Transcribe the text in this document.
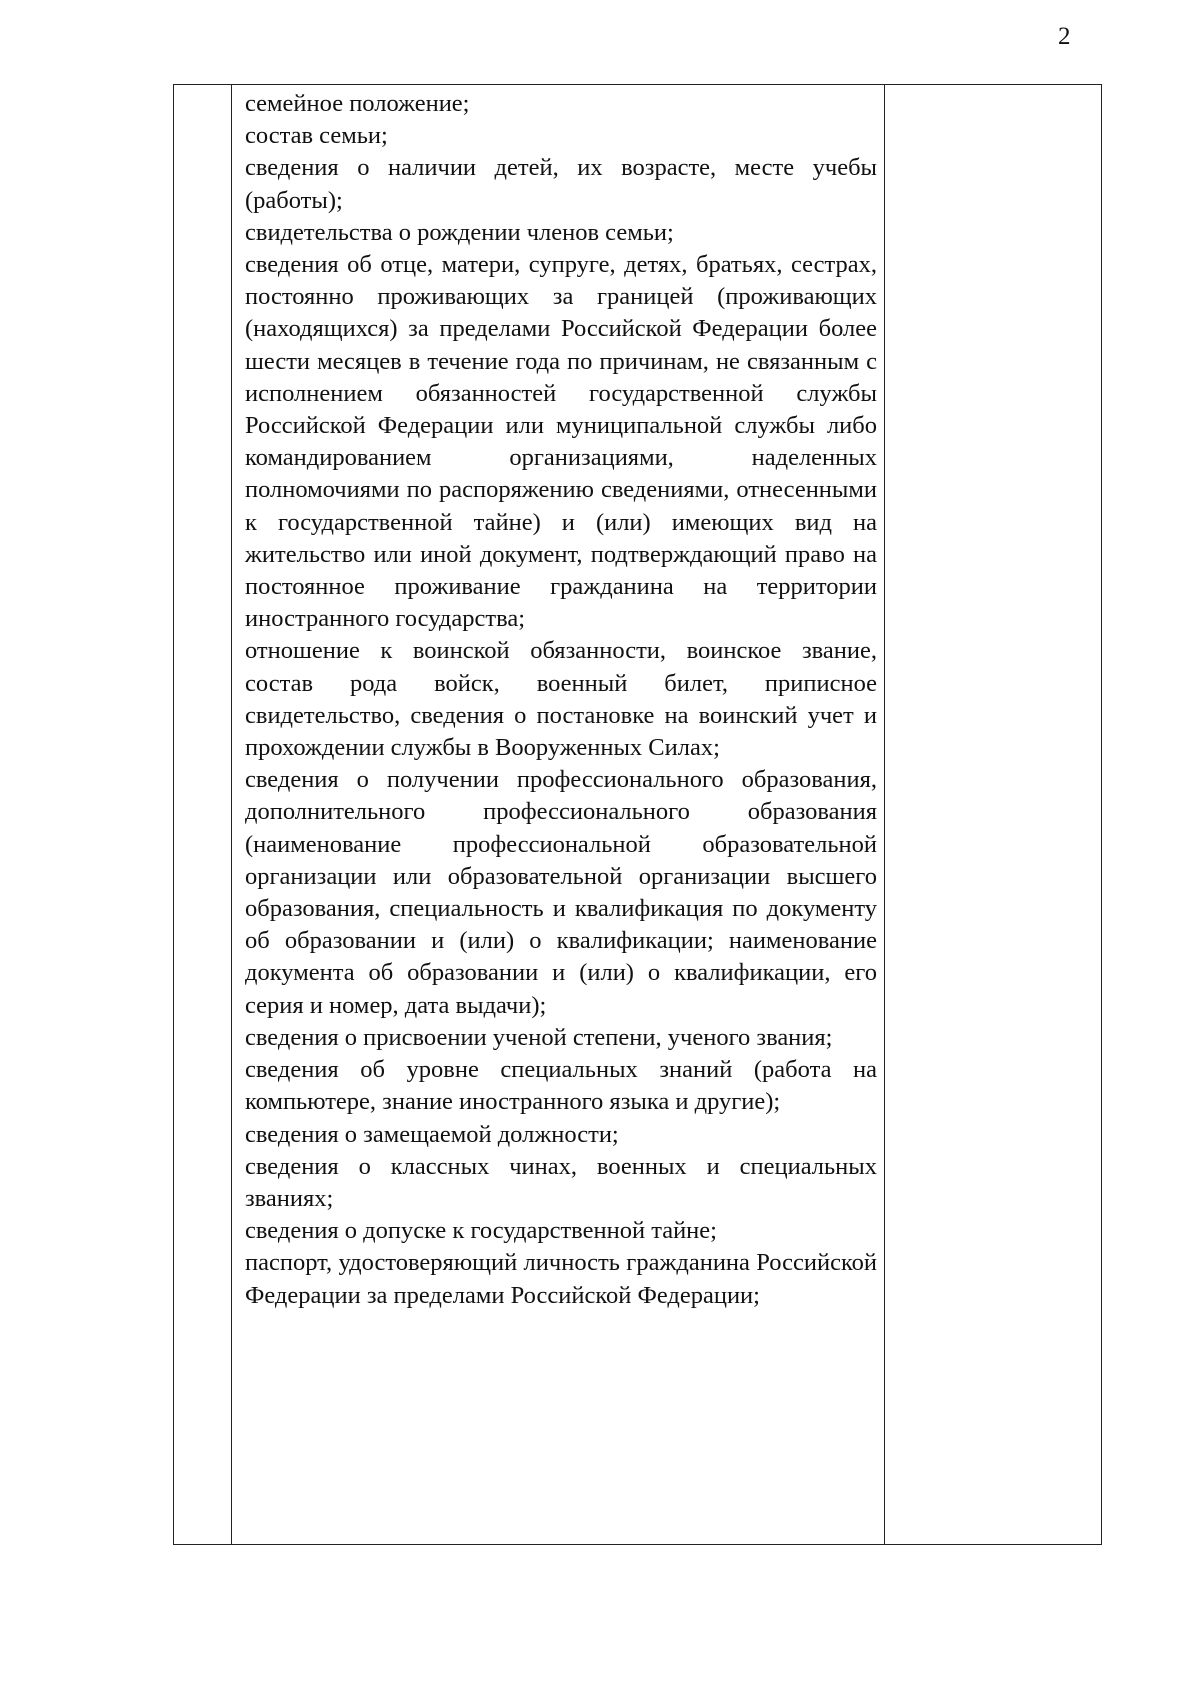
2
семейное положение;
состав семьи;
сведения о наличии детей, их возрасте, месте учебы (работы);
свидетельства о рождении членов семьи;
сведения об отце, матери, супруге, детях, братьях, сестрах, постоянно проживающих за границей (проживающих (находящихся) за пределами Российской Федерации более шести месяцев в течение года по причинам, не связанным с исполнением обязанностей государственной службы Российской Федерации или муниципальной службы либо командированием организациями, наделенных полномочиями по распоряжению сведениями, отнесенными к государственной тайне) и (или) имеющих вид на жительство или иной документ, подтверждающий право на постоянное проживание гражданина на территории иностранного государства;
отношение к воинской обязанности, воинское звание, состав рода войск, военный билет, приписное свидетельство, сведения о постановке на воинский учет и прохождении службы в Вооруженных Силах;
сведения о получении профессионального образования, дополнительного профессионального образования (наименование профессиональной образовательной организации или образовательной организации высшего образования, специальность и квалификация по документу об образовании и (или) о квалификации; наименование документа об образовании и (или) о квалификации, его серия и номер, дата выдачи);
сведения о присвоении ученой степени, ученого звания;
сведения об уровне специальных знаний (работа на компьютере, знание иностранного языка и другие);
сведения о замещаемой должности;
сведения о классных чинах, военных и специальных званиях;
сведения о допуске к государственной тайне;
паспорт, удостоверяющий личность гражданина Российской Федерации за пределами Российской Федерации;
